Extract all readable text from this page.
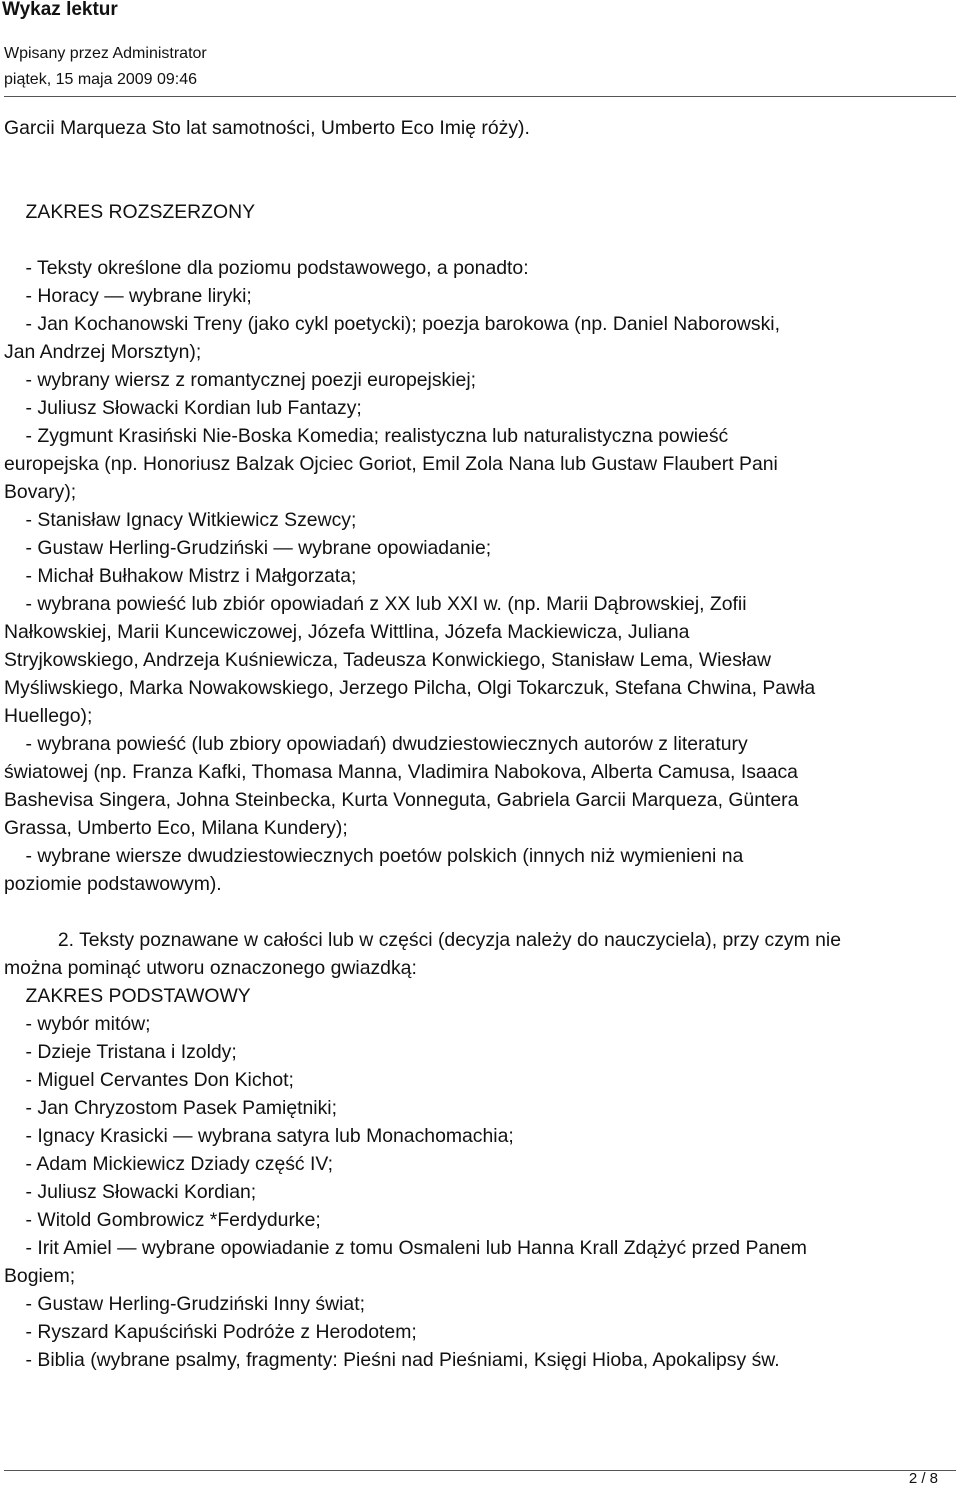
Wykaz lektur
Wpisany przez Administrator
piątek, 15 maja 2009 09:46
Garcii Marqueza Sto lat samotności, Umberto Eco Imię róży).
ZAKRES ROZSZERZONY
- Teksty określone dla poziomu podstawowego, a ponadto:
- Horacy — wybrane liryki;
- Jan Kochanowski Treny (jako cykl poetycki); poezja barokowa (np. Daniel Naborowski,
Jan Andrzej Morsztyn);
- wybrany wiersz z romantycznej poezji europejskiej;
- Juliusz Słowacki Kordian lub Fantazy;
- Zygmunt Krasiński Nie-Boska Komedia; realistyczna lub naturalistyczna powieść
europejska (np. Honoriusz Balzak Ojciec Goriot, Emil Zola Nana lub Gustaw Flaubert Pani
Bovary);
- Stanisław Ignacy Witkiewicz Szewcy;
- Gustaw Herling-Grudziński — wybrane opowiadanie;
- Michał Bułhakow Mistrz i Małgorzata;
- wybrana powieść lub zbiór opowiadań z XX lub XXI w. (np. Marii Dąbrowskiej, Zofii
Nałkowskiej, Marii Kuncewiczowej, Józefa Wittlina, Józefa Mackiewicza, Juliana
Stryjkowskiego, Andrzeja Kuśniewicza, Tadeusza Konwickiego, Stanisław Lema, Wiesław
Myśliwskiego, Marka Nowakowskiego, Jerzego Pilcha, Olgi Tokarczuk, Stefana Chwina, Pawła
Huellego);
- wybrana powieść (lub zbiory opowiadań) dwudziestowiecznych autorów z literatury
światowej (np. Franza Kafki, Thomasa Manna, Vladimira Nabokova, Alberta Camusa, Isaaca
Bashevisa Singera, Johna Steinbecka, Kurta Vonneguta, Gabriela Garcii Marqueza, Güntera
Grassa, Umberto Eco, Milana Kundery);
- wybrane wiersze dwudziestowiecznych poetów polskich (innych niż wymienieni na
poziomie podstawowym).
2. Teksty poznawane w całości lub w części (decyzja należy do nauczyciela), przy czym nie
można pominąć utworu oznaczonego gwiazdką:
ZAKRES PODSTAWOWY
- wybór mitów;
- Dzieje Tristana i Izoldy;
- Miguel Cervantes Don Kichot;
- Jan Chryzostom Pasek Pamiętniki;
- Ignacy Krasicki — wybrana satyra lub Monachomachia;
- Adam Mickiewicz Dziady część IV;
- Juliusz Słowacki Kordian;
- Witold Gombrowicz *Ferdydurke;
- Irit Amiel — wybrane opowiadanie z tomu Osmaleni lub Hanna Krall Zdążyć przed Panem
Bogiem;
- Gustaw Herling-Grudziński Inny świat;
- Ryszard Kapuściński Podróże z Herodotem;
- Biblia (wybrane psalmy, fragmenty: Pieśni nad Pieśniami, Księgi Hioba, Apokalipsy św.
2 / 8
